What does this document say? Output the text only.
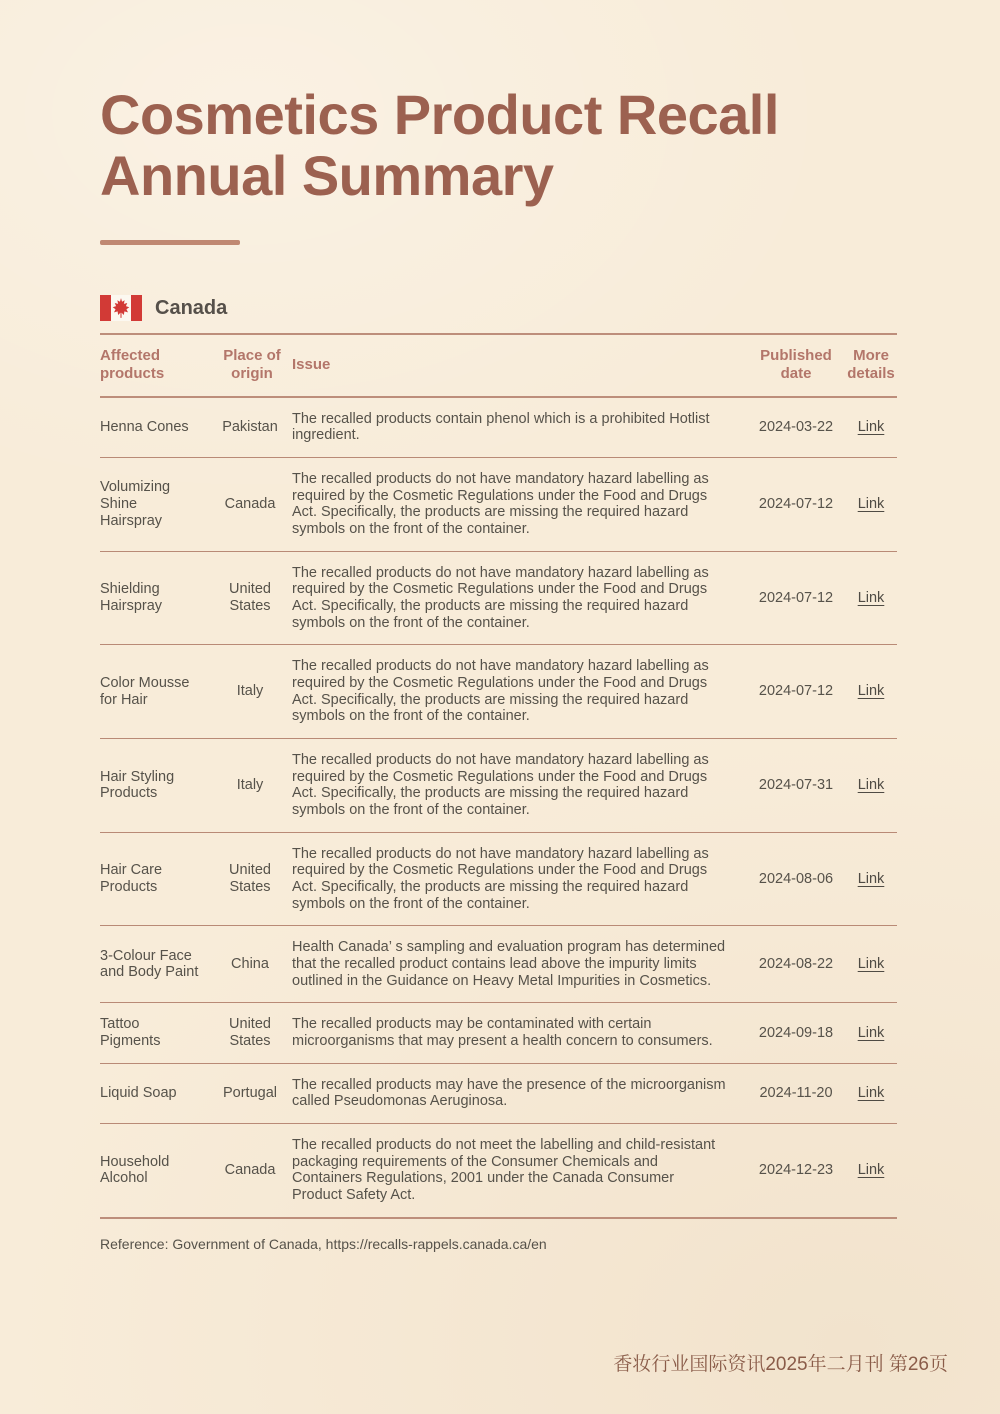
Cosmetics Product Recall
Annual Summary
Canada
Affected products	Place of origin	Issue	Published date	More details
Henna Cones	Pakistan	The recalled products contain phenol which is a prohibited Hotlist ingredient.	2024-03-22	Link
Volumizing Shine Hairspray	Canada	The recalled products do not have mandatory hazard labelling as required by the Cosmetic Regulations under the Food and Drugs Act. Specifically, the products are missing the required hazard symbols on the front of the container.	2024-07-12	Link
Shielding Hairspray	United States	The recalled products do not have mandatory hazard labelling as required by the Cosmetic Regulations under the Food and Drugs Act. Specifically, the products are missing the required hazard symbols on the front of the container.	2024-07-12	Link
Color Mousse for Hair	Italy	The recalled products do not have mandatory hazard labelling as required by the Cosmetic Regulations under the Food and Drugs Act. Specifically, the products are missing the required hazard symbols on the front of the container.	2024-07-12	Link
Hair Styling Products	Italy	The recalled products do not have mandatory hazard labelling as required by the Cosmetic Regulations under the Food and Drugs Act. Specifically, the products are missing the required hazard symbols on the front of the container.	2024-07-31	Link
Hair Care Products	United States	The recalled products do not have mandatory hazard labelling as required by the Cosmetic Regulations under the Food and Drugs Act. Specifically, the products are missing the required hazard symbols on the front of the container.	2024-08-06	Link
3-Colour Face and Body Paint	China	Health Canada’ s sampling and evaluation program has determined that the recalled product contains lead above the impurity limits outlined in the Guidance on Heavy Metal Impurities in Cosmetics.	2024-08-22	Link
Tattoo Pigments	United States	The recalled products may be contaminated with certain microorganisms that may present a health concern to consumers.	2024-09-18	Link
Liquid Soap	Portugal	The recalled products may have the presence of the microorganism called Pseudomonas Aeruginosa.	2024-11-20	Link
Household Alcohol	Canada	The recalled products do not meet the labelling and child-resistant packaging requirements of the Consumer Chemicals and Containers Regulations, 2001 under the Canada Consumer Product Safety Act.	2024-12-23	Link
Reference: Government of Canada, https://recalls-rappels.canada.ca/en
香妆行业国际资讯2025年二月刊 第26页
